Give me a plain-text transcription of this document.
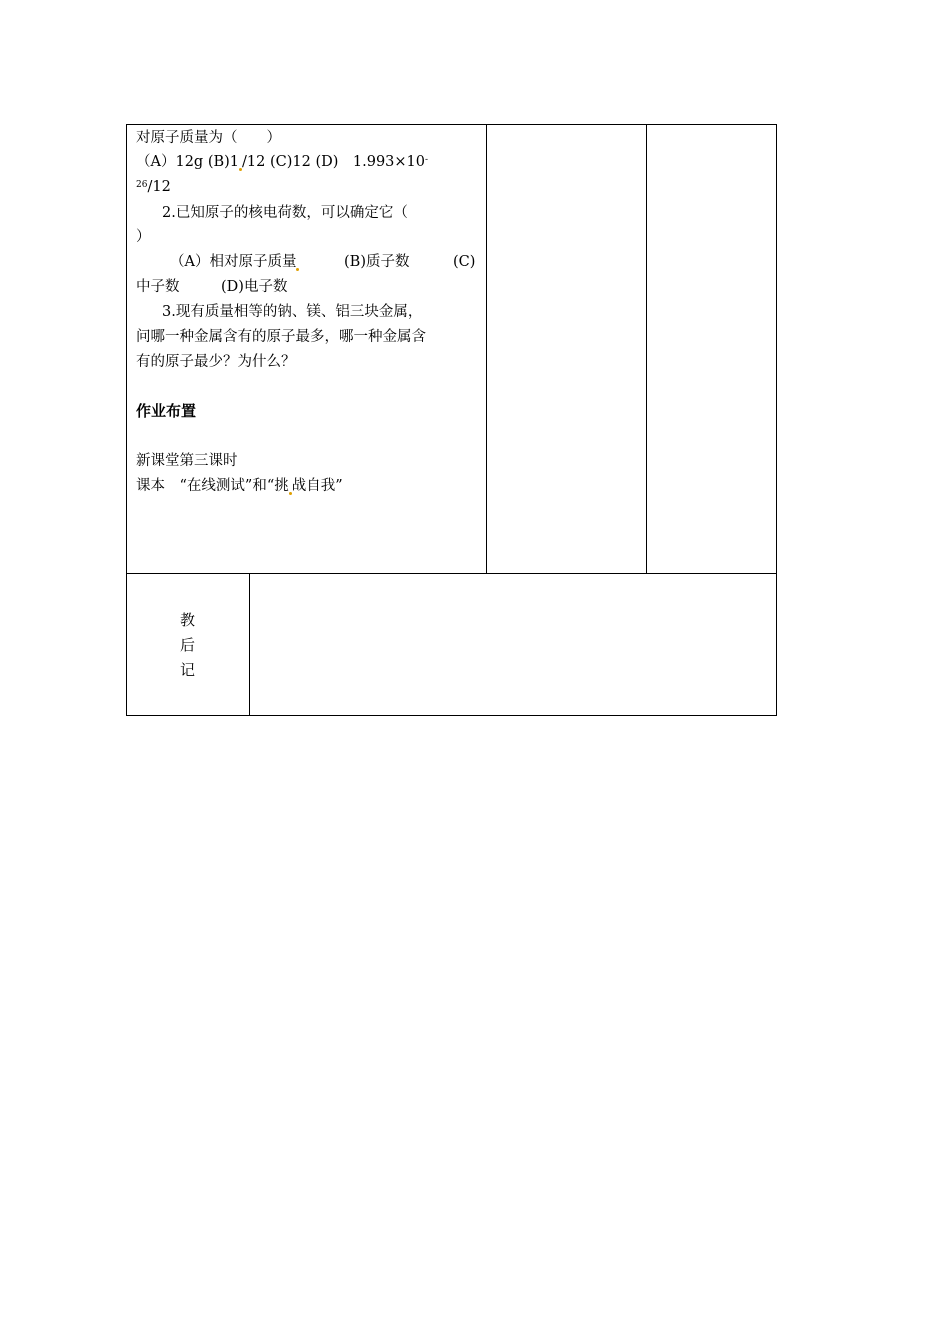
对原子质量为（　　）
（A）12g (B)1 /12 (C)12 (D)　1.993×10-
$^{26}$/12
2.已知原子的核电荷数，可以确定它（
）
（A）相对原子质量	(B)质子数	(C)
中子数	(D)电子数
3.现有质量相等的钠、镁、铝三块金属，
问哪一种金属含有的原子最多，哪一种金属含
有的原子最少？为什么？
作业布置
新课堂第三课时
课本　“在线测试”和“挑 战自我”
教
后
记
